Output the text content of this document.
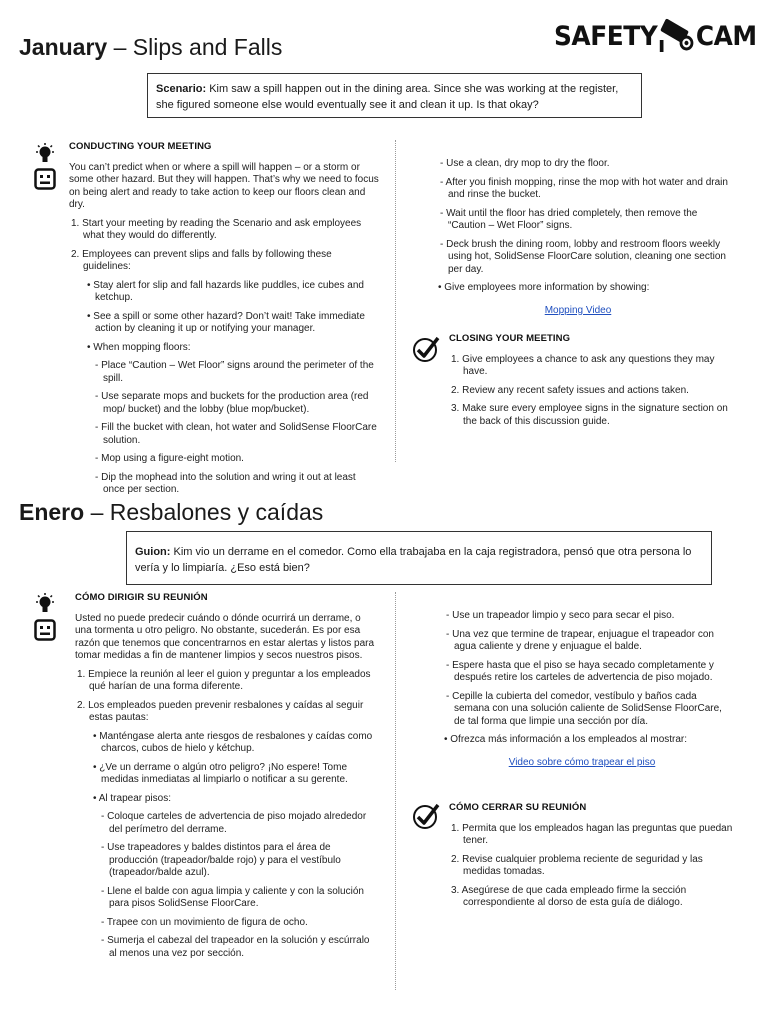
SAFETY CAM
January – Slips and Falls
Scenario: Kim saw a spill happen out in the dining area. Since she was working at the register, she figured someone else would eventually see it and clean it up. Is that okay?
CONDUCTING YOUR MEETING

You can’t predict when or where a spill will happen – or a storm or some other hazard. But they will happen. That’s why we need to focus on being alert and ready to take action to keep our floors clean and dry.

1. Start your meeting by reading the Scenario and ask employees what they would do differently.
2. Employees can prevent slips and falls by following these guidelines:
• Stay alert for slip and fall hazards like puddles, ice cubes and ketchup.
• See a spill or some other hazard? Don’t wait! Take immediate action by cleaning it up or notifying your manager.
• When mopping floors:
- Place “Caution – Wet Floor” signs around the perimeter of the spill.
- Use separate mops and buckets for the production area (red mop/ bucket) and the lobby (blue mop/bucket).
- Fill the bucket with clean, hot water and SolidSense FloorCare solution.
- Mop using a figure-eight motion.
- Dip the mophead into the solution and wring it out at least once per section.
- Use a clean, dry mop to dry the floor.
- After you finish mopping, rinse the mop with hot water and drain and rinse the bucket.
- Wait until the floor has dried completely, then remove the “Caution – Wet Floor” signs.
- Deck brush the dining room, lobby and restroom floors weekly using hot, SolidSense FloorCare solution, cleaning one section per day.
• Give employees more information by showing:
Mopping Video
CLOSING YOUR MEETING
1. Give employees a chance to ask any questions they may have.
2. Review any recent safety issues and actions taken.
3. Make sure every employee signs in the signature section on the back of this discussion guide.
Enero – Resbalones y caídas
Guion: Kim vio un derrame en el comedor. Como ella trabajaba en la caja registradora, pensó que otra persona lo vería y lo limpiaría. ¿Eso está bien?
CÓMO DIRIGIR SU REUNIÓN

Usted no puede predecir cuándo o dónde ocurrirá un derrame, o una tormenta u otro peligro. No obstante, sucederán. Es por esa razón que tenemos que concentrarnos en estar alertas y listos para tomar medidas a fin de mantener limpios y secos nuestros pisos.

1. Empiece la reunión al leer el guion y preguntar a los empleados qué harían de una forma diferente.
2. Los empleados pueden prevenir resbalones y caídas al seguir estas pautas:
• Manténgase alerta ante riesgos de resbalones y caídas como charcos, cubos de hielo y kétchup.
• ¿Ve un derrame o algún otro peligro? ¡No espere! Tome medidas inmediatas al limpiarlo o notificar a su gerente.
• Al trapear pisos:
- Coloque carteles de advertencia de piso mojado alrededor del perímetro del derrame.
- Use trapeadores y baldes distintos para el área de producción (trapeador/balde rojo) y para el vestíbulo (trapeador/balde azul).
- Llene el balde con agua limpia y caliente y con la solución para pisos SolidSense FloorCare.
- Trapee con un movimiento de figura de ocho.
- Sumerja el cabezal del trapeador en la solución y escúrralo al menos una vez por sección.
- Use un trapeador limpio y seco para secar el piso.
- Una vez que termine de trapear, enjuague el trapeador con agua caliente y drene y enjuague el balde.
- Espere hasta que el piso se haya secado completamente y después retire los carteles de advertencia de piso mojado.
- Cepille la cubierta del comedor, vestíbulo y baños cada semana con una solución caliente de SolidSense FloorCare, de tal forma que limpie una sección por día.
• Ofrezca más información a los empleados al mostrar:
Video sobre cómo trapear el piso
CÓMO CERRAR SU REUNIÓN
1. Permita que los empleados hagan las preguntas que puedan tener.
2. Revise cualquier problema reciente de seguridad y las medidas tomadas.
3. Asegúrese de que cada empleado firme la sección correspondiente al dorso de esta guía de diálogo.
